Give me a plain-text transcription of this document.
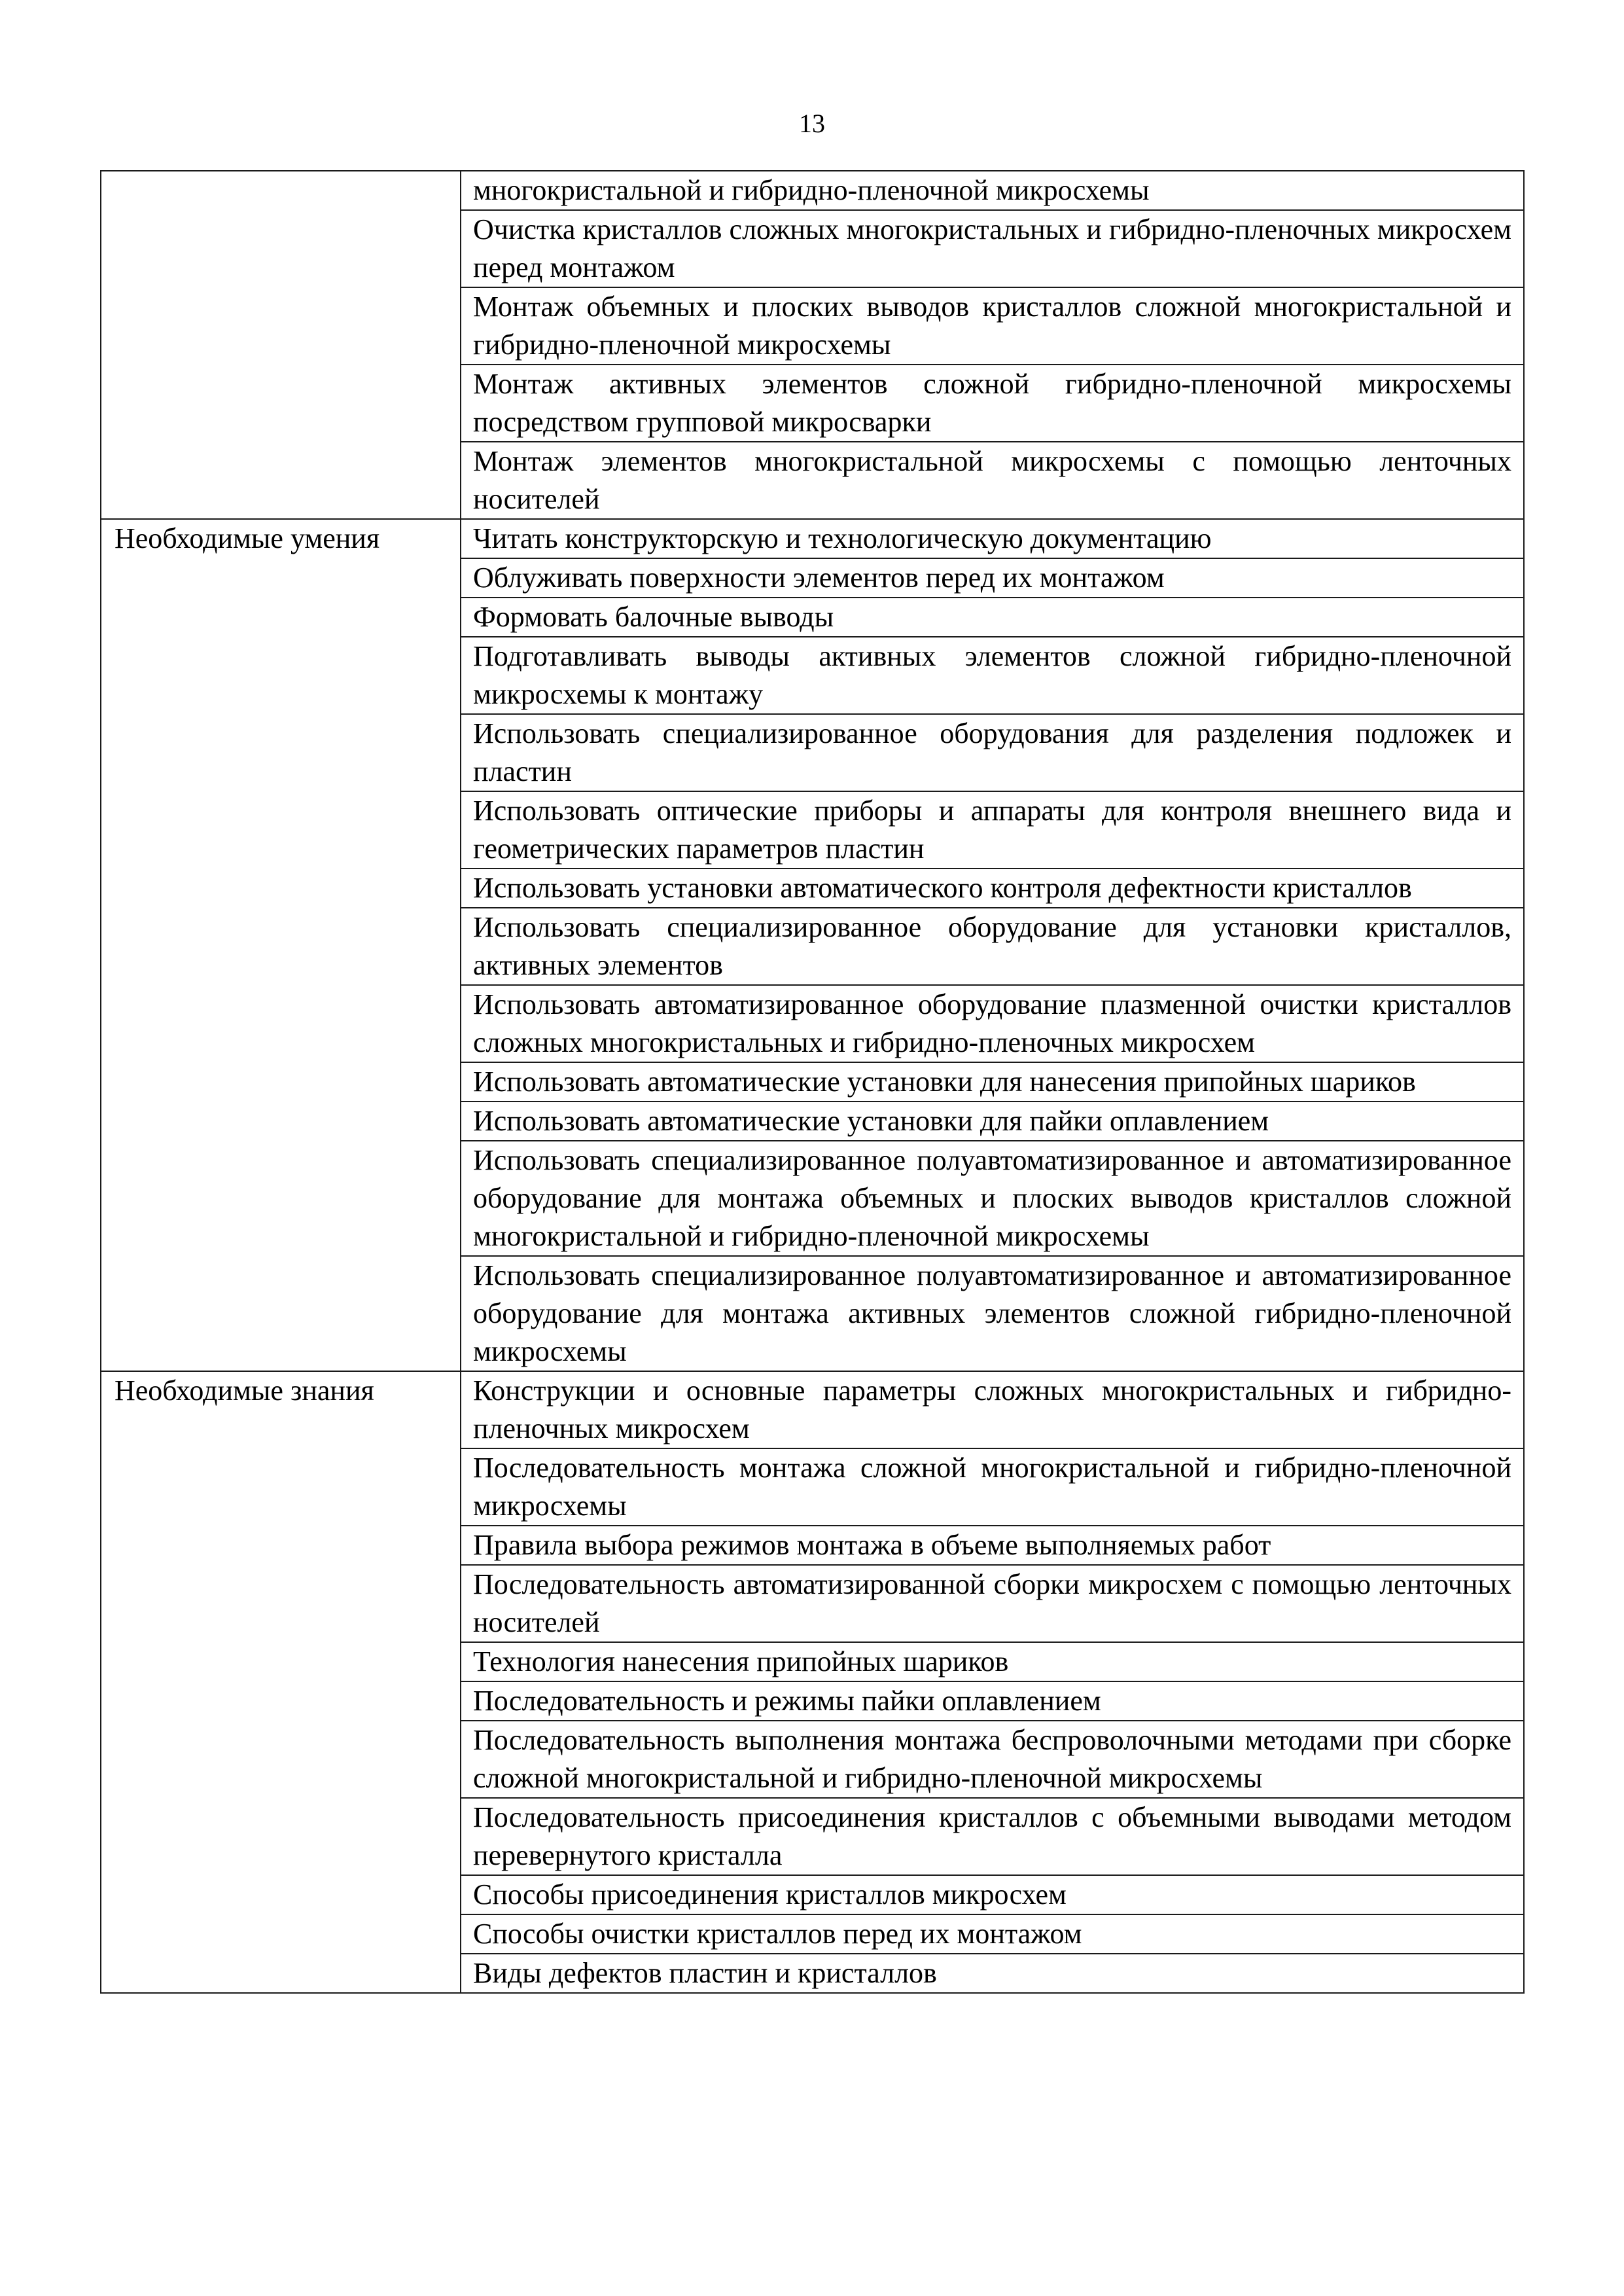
13
	многокристальной и гибридно-пленочной микросхемы
	Очистка кристаллов сложных многокристальных и гибридно-пленочных микросхем перед монтажом
	Монтаж объемных и плоских выводов кристаллов сложной многокристальной и гибридно-пленочной микросхемы
	Монтаж активных элементов сложной гибридно-пленочной микросхемы посредством групповой микросварки
	Монтаж элементов многокристальной микросхемы с помощью ленточных носителей
Необходимые умения	Читать конструкторскую и технологическую документацию
	Облуживать поверхности элементов перед их монтажом
	Формовать балочные выводы
	Подготавливать выводы активных элементов сложной гибридно-пленочной микросхемы к монтажу
	Использовать специализированное оборудования для разделения подложек и пластин
	Использовать оптические приборы и аппараты для контроля внешнего вида и геометрических параметров пластин
	Использовать установки автоматического контроля дефектности кристаллов
	Использовать специализированное оборудование для установки кристаллов, активных элементов
	Использовать автоматизированное оборудование плазменной очистки кристаллов сложных многокристальных и гибридно-пленочных микросхем
	Использовать автоматические установки для нанесения припойных шариков
	Использовать автоматические установки для пайки оплавлением
	Использовать специализированное полуавтоматизированное и автоматизированное оборудование для монтажа объемных и плоских выводов кристаллов сложной многокристальной и гибридно-пленочной микросхемы
	Использовать специализированное полуавтоматизированное и автоматизированное оборудование для монтажа активных элементов сложной гибридно-пленочной микросхемы
Необходимые знания	Конструкции и основные параметры сложных многокристальных и гибридно-пленочных микросхем
	Последовательность монтажа сложной многокристальной и гибридно-пленочной микросхемы
	Правила выбора режимов монтажа в объеме выполняемых работ
	Последовательность автоматизированной сборки микросхем с помощью ленточных носителей
	Технология нанесения припойных шариков
	Последовательность и режимы пайки оплавлением
	Последовательность выполнения монтажа беспроволочными методами при сборке сложной многокристальной и гибридно-пленочной микросхемы
	Последовательность присоединения кристаллов с объемными выводами методом перевернутого кристалла
	Способы присоединения кристаллов микросхем
	Способы очистки кристаллов перед их монтажом
	Виды дефектов пластин и кристаллов
